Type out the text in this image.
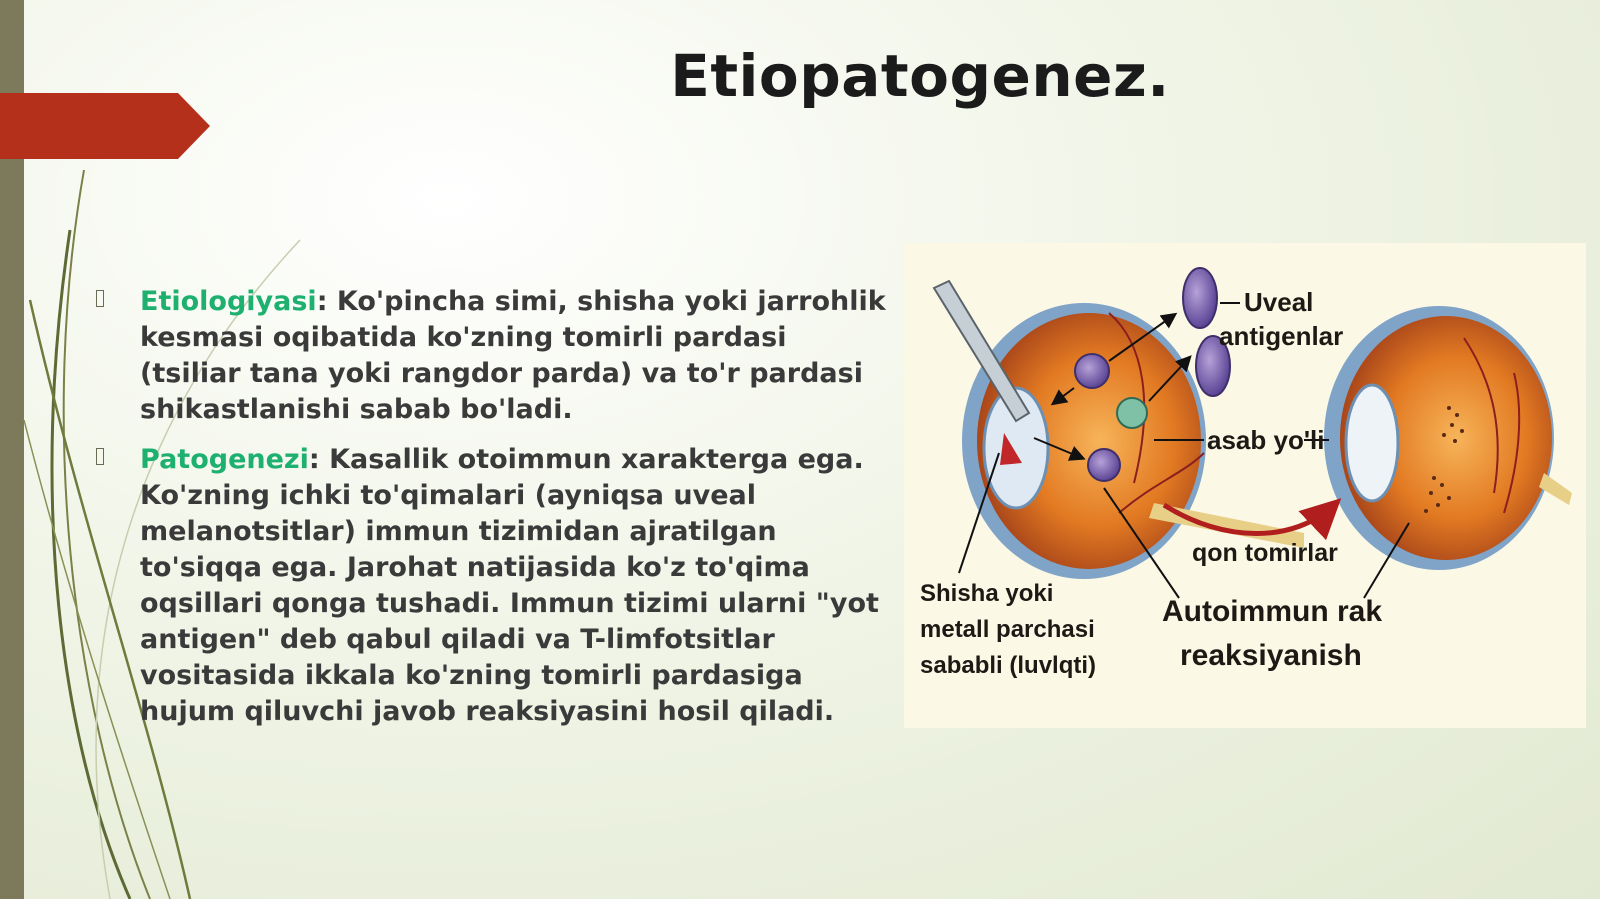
Etiopatogenez.

Etiologiyasi: Ko'pincha simi, shisha yoki jarrohlik kesmasi oqibatida ko'zning tomirli pardasi (tsiliar tana yoki rangdor parda) va to'r pardasi shikastlanishi sabab bo'ladi.

Patogenezi: Kasallik otoimmun xarakterga ega. Ko'zning ichki to'qimalari (ayniqsa uveal melanotsitlar) immun tizimidan ajratilgan to'siqqa ega. Jarohat natijasida ko'z to'qima oqsillari qonga tushadi. Immun tizimi ularni "yot antigen" deb qabul qiladi va T-limfotsitlar vositasida ikkala ko'zning tomirli pardasiga hujum qiluvchi javob reaksiyasini hosil qiladi.

Uveal
antigenlar
asab yo'li
qon tomirlar
Shisha yoki
metall parchasi
sababli (luvlqti)
Autoimmun rak
reaksiyanish
